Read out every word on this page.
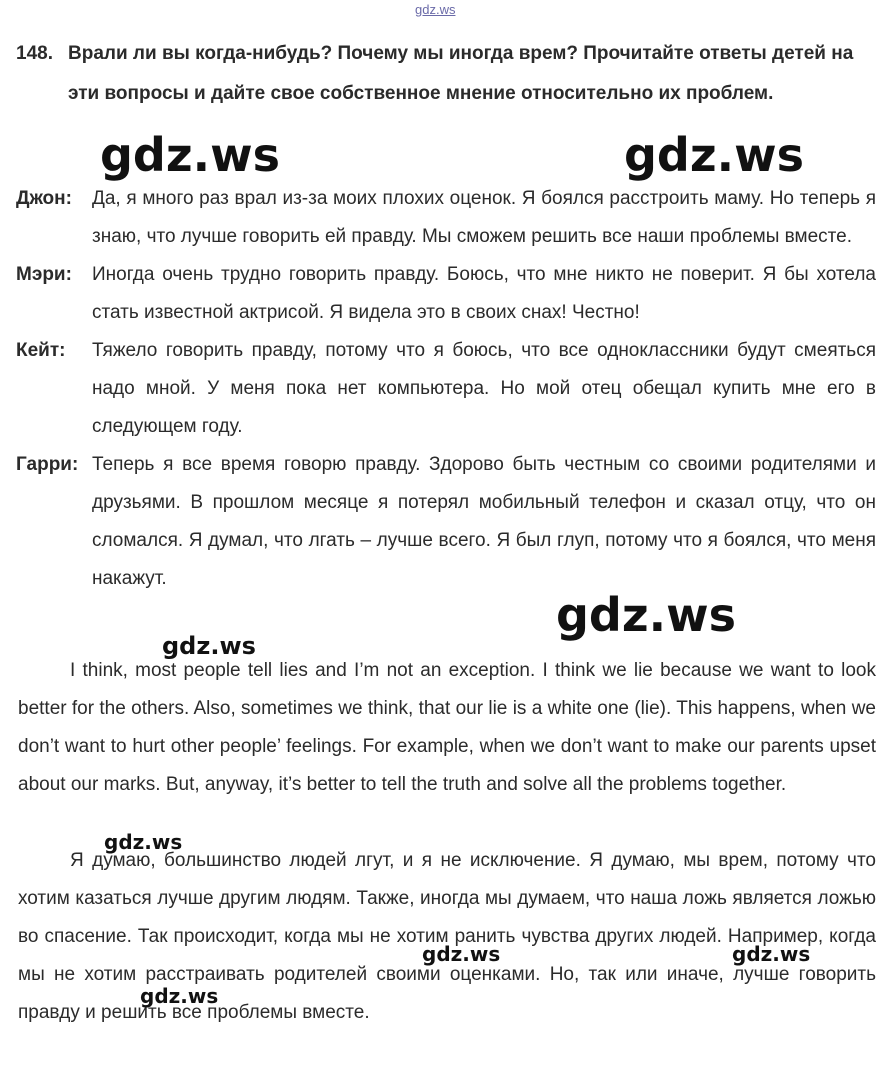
gdz.ws
148. Врали ли вы когда-нибудь? Почему мы иногда врем? Прочитайте ответы детей на эти вопросы и дайте свое собственное мнение относительно их проблем.
Джон:	Да, я много раз врал из-за моих плохих оценок. Я боялся расстроить маму. Но теперь я знаю, что лучше говорить ей правду. Мы сможем решить все наши проблемы вместе.
Мэри:	Иногда очень трудно говорить правду. Боюсь, что мне никто не поверит. Я бы хотела стать известной актрисой. Я видела это в своих снах! Честно!
Кейт:	Тяжело говорить правду, потому что я боюсь, что все одноклассники будут смеяться надо мной. У меня пока нет компьютера. Но мой отец обещал купить мне его в следующем году.
Гарри: Теперь я все время говорю правду. Здорово быть честным со своими родителями и друзьями. В прошлом месяце я потерял мобильный телефон и сказал отцу, что он сломался. Я думал, что лгать – лучше всего. Я был глуп, потому что я боялся, что меня накажут.
I think, most people tell lies and I’m not an exception. I think we lie because we want to look better for the others. Also, sometimes we think, that our lie is a white one (lie). This happens, when we don’t want to hurt other people’ feelings. For example, when we don’t want to make our parents upset about our marks. But, anyway, it’s better to tell the truth and solve all the problems together.
Я думаю, большинство людей лгут, и я не исключение. Я думаю, мы врем, потому что хотим казаться лучше другим людям. Также, иногда мы думаем, что наша ложь является ложью во спасение. Так происходит, когда мы не хотим ранить чувства других людей. Например, когда мы не хотим расстраивать родителей своими оценками. Но, так или иначе, лучше говорить правду и решить все проблемы вместе.
gdz.ws	gdz.ws
gdz.ws
gdz.ws
gdz.ws
gdz.ws	gdz.ws
gdz.ws
